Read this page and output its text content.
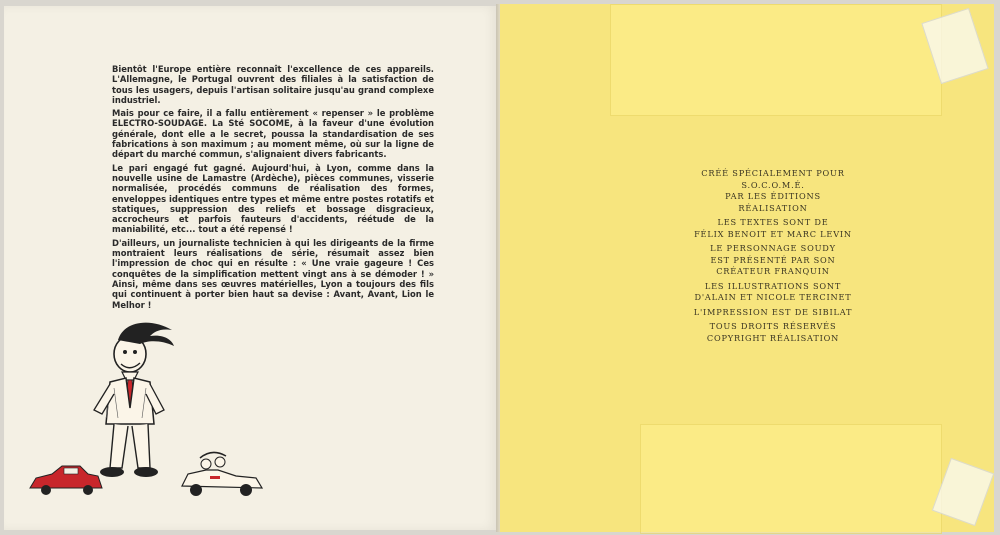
Bientôt l'Europe entière reconnaît l'excellence de ces appareils. L'Allemagne, le Portugal ouvrent des filiales à la satisfaction de tous les usagers, depuis l'artisan solitaire jusqu'au grand complexe industriel.

Mais pour ce faire, il a fallu entièrement « repenser » le problème ELECTRO-SOUDAGE. La Sté SOCOME, à la faveur d'une évolution générale, dont elle a le secret, poussa la standardisation de ses fabrications à son maximum ; au moment même, où sur la ligne de départ du marché commun, s'alignaient divers fabricants.

Le pari engagé fut gagné. Aujourd'hui, à Lyon, comme dans la nouvelle usine de Lamastre (Ardèche), pièces communes, visserie normalisée, procédés communs de réalisation des formes, enveloppes identiques entre types et même entre postes rotatifs et statiques, suppression des reliefs et bossage disgracieux, accrocheurs et parfois fauteurs d'accidents, réétude de la maniabilité, etc... tout a été repensé !

D'ailleurs, un journaliste technicien à qui les dirigeants de la firme montraient leurs réalisations de série, résumait assez bien l'impression de choc qui en résulte : « Une vraie gageure ! Ces conquêtes de la simplification mettent vingt ans à se démoder ! » Ainsi, même dans ses œuvres matérielles, Lyon a toujours des fils qui continuent à porter bien haut sa devise : Avant, Avant, Lion le Melhor !

CRÉÉ SPÉCIALEMENT POUR
S.O.C.O.M.É.
PAR LES ÉDITIONS
RÉALISATION
LES TEXTES SONT DE
FÉLIX BENOIT ET MARC LEVIN
LE PERSONNAGE SOUDY
EST PRÉSENTÉ PAR SON
CRÉATEUR FRANQUIN
LES ILLUSTRATIONS SONT
D'ALAIN ET NICOLE TERCINET
L'IMPRESSION EST DE SIBILAT
TOUS DROITS RÉSERVÉS
COPYRIGHT RÉALISATION
